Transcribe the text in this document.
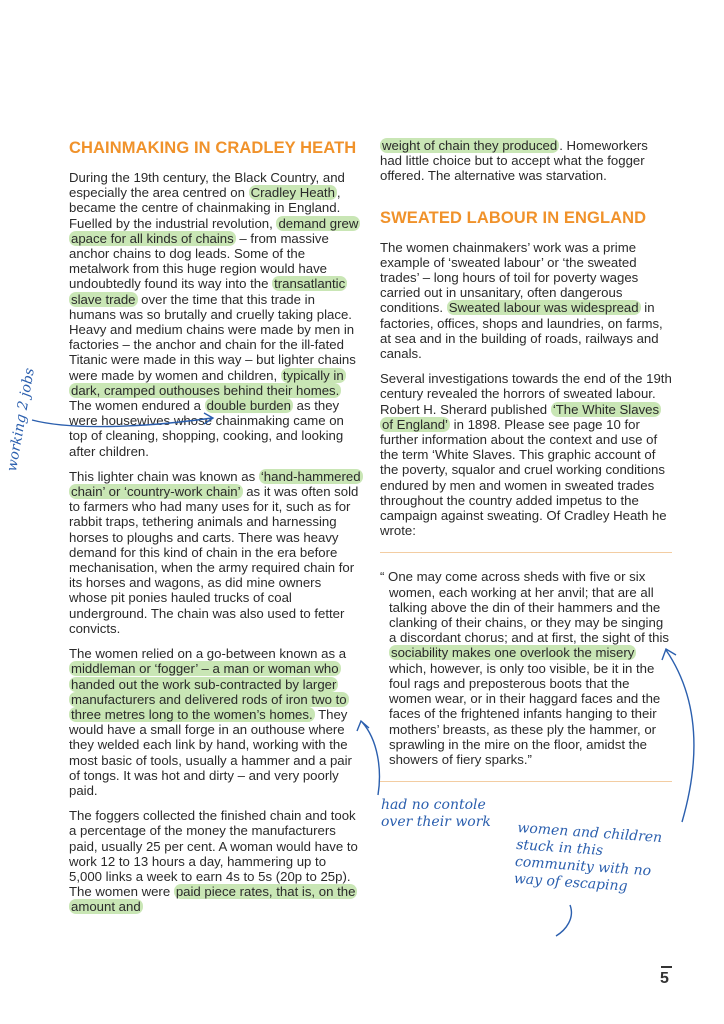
CHAINMAKING IN CRADLEY HEATH

During the 19th century, the Black Country, and especially the area centred on Cradley Heath , became the centre of chainmaking in England. Fuelled by the industrial revolution, demand grew apace for all kinds of chains – from massive anchor chains to dog leads. Some of the metalwork from this huge region would have undoubtedly found its way into the transatlantic slave trade over the time that this trade in humans was so brutally and cruelly taking place. Heavy and medium chains were made by men in factories – the anchor and chain for the ill-fated Titanic were made in this way – but lighter chains were made by women and children, typically in dark, cramped outhouses behind their homes. The women endured a double burden as they were housewives whose chainmaking came on top of cleaning, shopping, cooking, and looking after children.

This lighter chain was known as ‘hand-hammered chain’ or ‘country-work chain’ as it was often sold to farmers who had many uses for it, such as for rabbit traps, tethering animals and harnessing horses to ploughs and carts. There was heavy demand for this kind of chain in the era before mechanisation, when the army required chain for its horses and wagons, as did mine owners whose pit ponies hauled trucks of coal underground. The chain was also used to fetter convicts.

The women relied on a go-between known as a middleman or ‘fogger’ – a man or woman who handed out the work sub-contracted by larger manufacturers and delivered rods of iron two to three metres long to the women’s homes. They would have a small forge in an outhouse where they welded each link by hand, working with the most basic of tools, usually a hammer and a pair of tongs. It was hot and dirty – and very poorly paid.

The foggers collected the finished chain and took a percentage of the money the manufacturers paid, usually 25 per cent. A woman would have to work 12 to 13 hours a day, hammering up to 5,000 links a week to earn 4s to 5s (20p to 25p). The women were paid piece rates, that is, on the amount and

weight of chain they produced . Homeworkers had little choice but to accept what the fogger offered. The alternative was starvation.

SWEATED LABOUR IN ENGLAND

The women chainmakers’ work was a prime example of ‘sweated labour’ or ‘the sweated trades’ – long hours of toil for poverty wages carried out in unsanitary, often dangerous conditions. Sweated labour was widespread in factories, offices, shops and laundries, on farms, at sea and in the building of roads, railways and canals.

Several investigations towards the end of the 19th century revealed the horrors of sweated labour. Robert H. Sherard published ‘The White Slaves of England’ in 1898. Please see page 10 for further information about the context and use of the term ‘White Slaves. This graphic account of the poverty, squalor and cruel working conditions endured by men and women in sweated trades throughout the country added impetus to the campaign against sweating. Of Cradley Heath he wrote:

“ One may come across sheds with five or six women, each working at her anvil; that are all talking above the din of their hammers and the clanking of their chains, or they may be singing a discordant chorus; and at first, the sight of this sociability makes one overlook the misery which, however, is only too visible, be it in the foul rags and preposterous boots that the women wear, or in their haggard faces and the faces of the frightened infants hanging to their mothers’ breasts, as these ply the hammer, or sprawling in the mire on the floor, amidst the showers of fiery sparks.”

had no contole over their work women and children stuck in this community with no way of escaping
working 2 jobs
5
